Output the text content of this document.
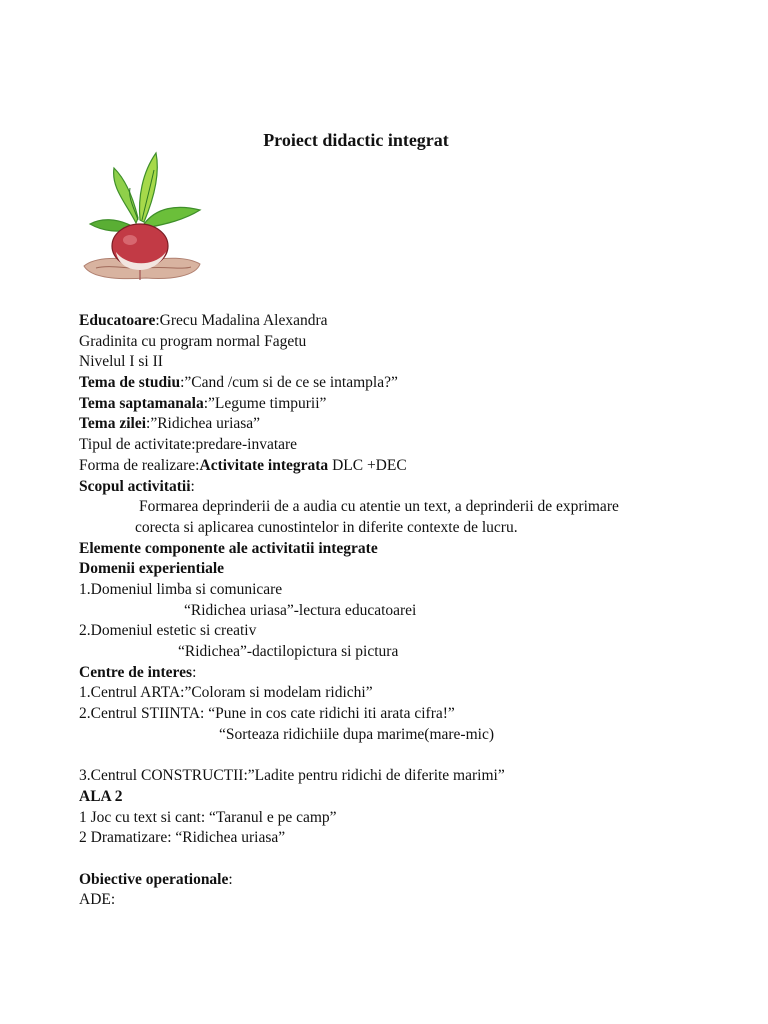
Proiect didactic integrat
Educatoare:Grecu Madalina Alexandra
Gradinita cu program normal Fagetu
Nivelul I si II
Tema de studiu:”Cand /cum si de ce se intampla?”
Tema saptamanala:”Legume timpurii”
Tema zilei:”Ridichea uriasa”
Tipul de activitate:predare-invatare
Forma de realizare:Activitate integrata DLC +DEC
Scopul activitatii:
Formarea deprinderii de a audia cu atentie un text, a deprinderii de exprimare
corecta si aplicarea cunostintelor in diferite contexte de lucru.
Elemente componente ale activitatii integrate
Domenii experientiale
1.Domeniul limba si comunicare
“Ridichea uriasa”-lectura educatoarei
2.Domeniul estetic si creativ
“Ridichea”-dactilopictura si pictura
Centre de interes:
1.Centrul ARTA:”Coloram si modelam ridichi”
2.Centrul STIINTA: “Pune in cos cate ridichi iti arata cifra!”
“Sorteaza ridichiile dupa marime(mare-mic)
3.Centrul CONSTRUCTII:”Ladite pentru ridichi de diferite marimi”
ALA 2
1 Joc cu text si cant: “Taranul e pe camp”
2 Dramatizare: “Ridichea uriasa”
Obiective operationale:
ADE:
